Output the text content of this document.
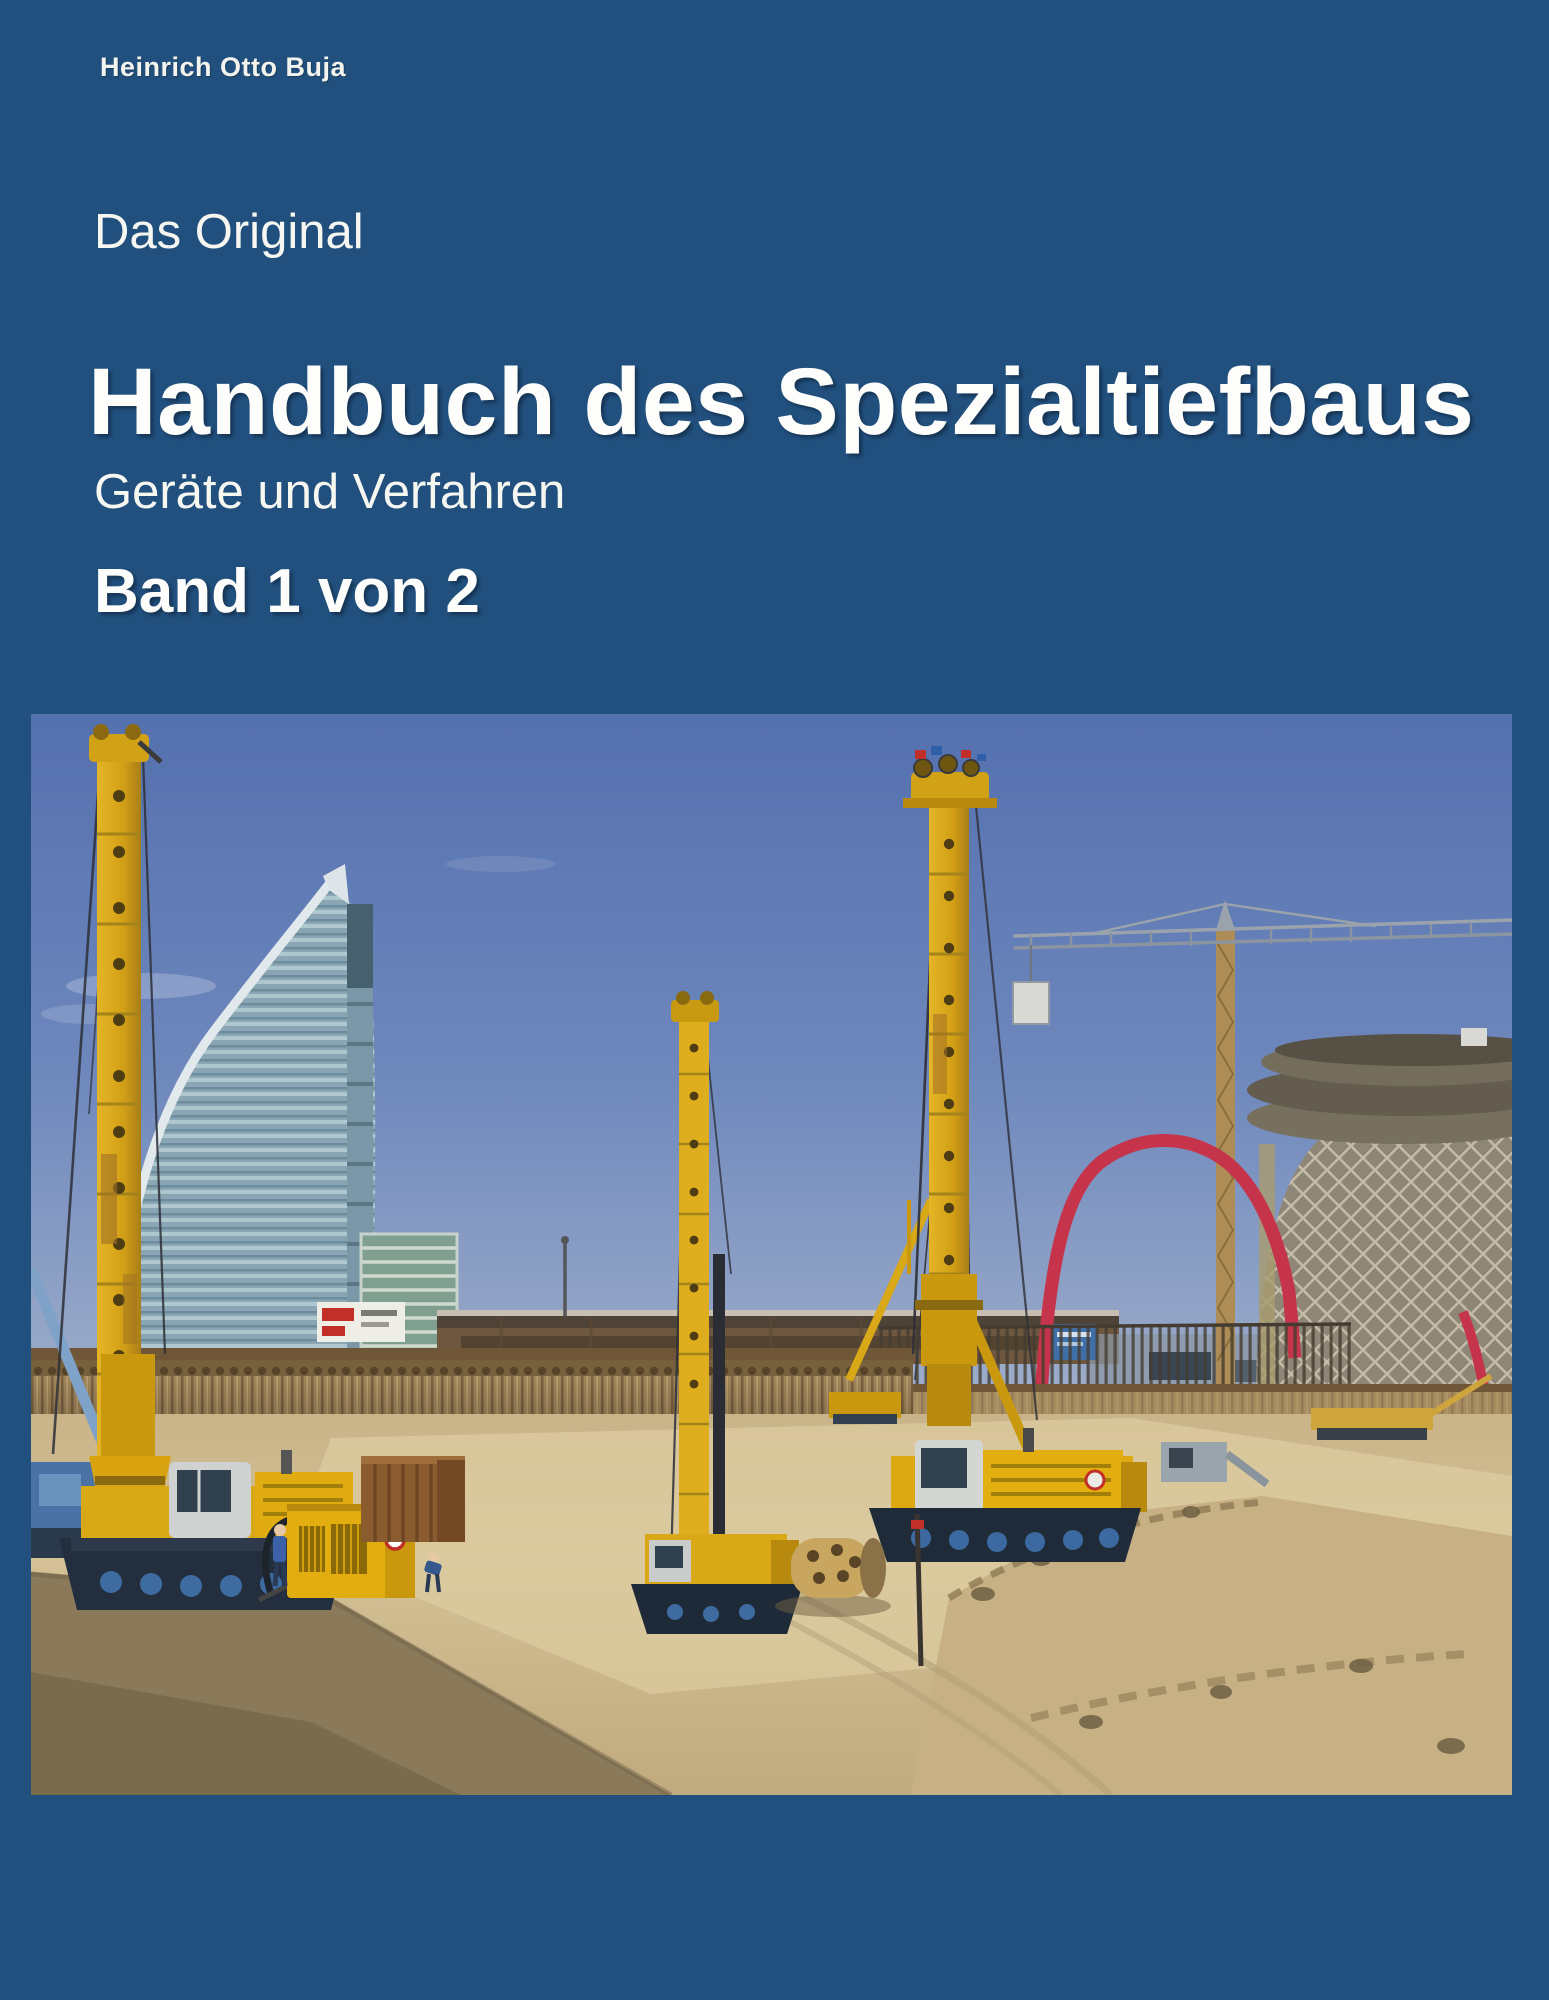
Heinrich Otto Buja
Das Original
Handbuch des Spezialtiefbaus
Geräte und Verfahren
Band 1 von 2
